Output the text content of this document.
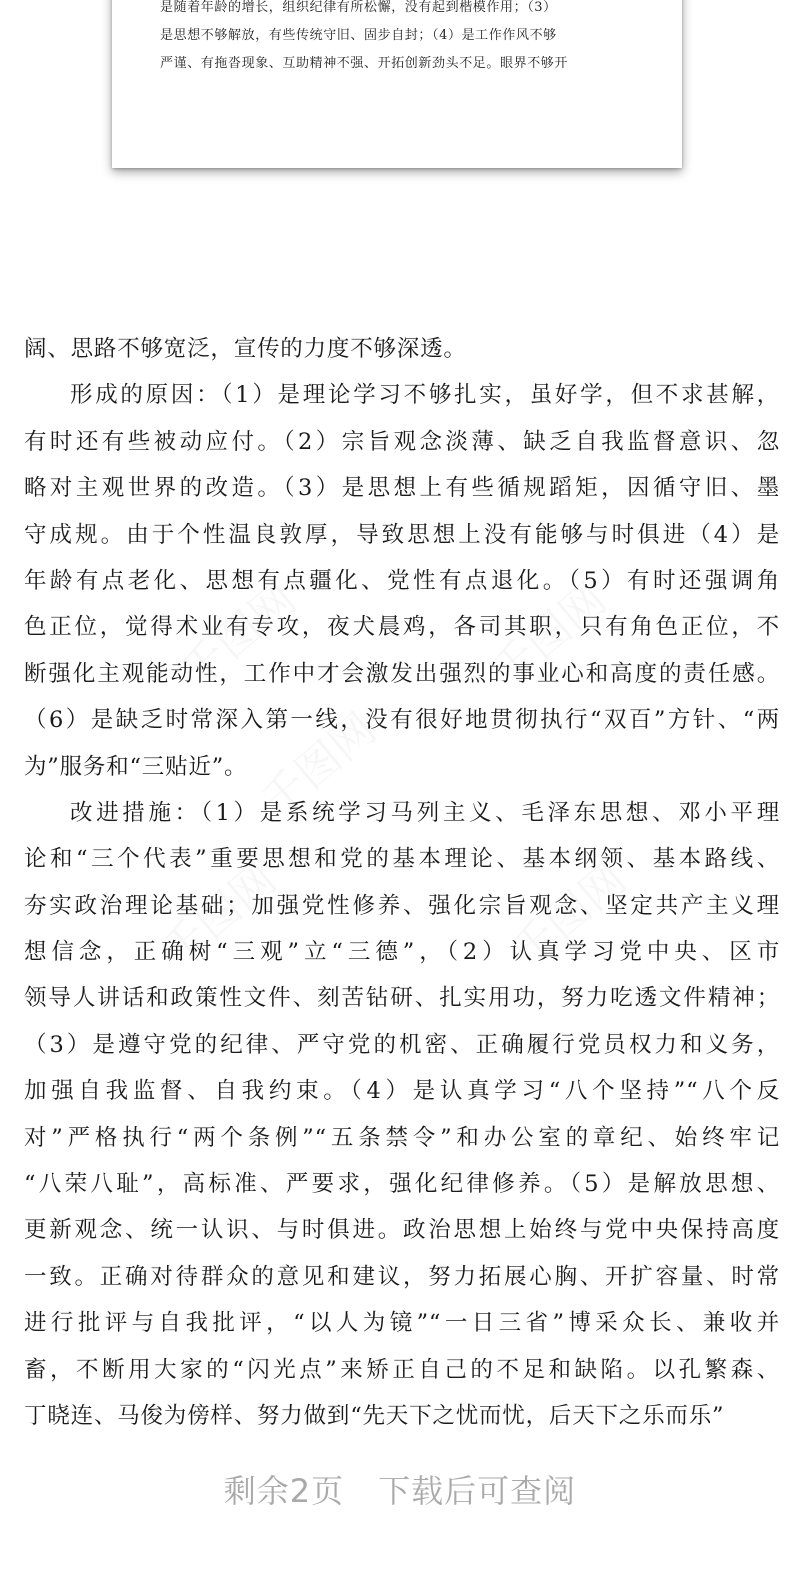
是随着年龄的增长，组织纪律有所松懈，没有起到楷模作用；（3）
是思想不够解放，有些传统守旧、固步自封；（4）是工作作风不够
严谨、有拖沓现象、互助精神不强、开拓创新劲头不足。眼界不够开
阔、思路不够宽泛，宣传的力度不够深透。
形成的原因：（1）是理论学习不够扎实，虽好学，但不求甚解，
有时还有些被动应付。（2）宗旨观念淡薄、缺乏自我监督意识、忽
略对主观世界的改造。（3）是思想上有些循规蹈矩，因循守旧、墨
守成规。由于个性温良敦厚，导致思想上没有能够与时俱进（4）是
年龄有点老化、思想有点疆化、党性有点退化。（5）有时还强调角
色正位，觉得术业有专攻，夜犬晨鸡，各司其职，只有角色正位，不
断强化主观能动性，工作中才会激发出强烈的事业心和高度的责任感。
（6）是缺乏时常深入第一线，没有很好地贯彻执行“双百”方针、“两
为”服务和“三贴近”。
改进措施：（1）是系统学习马列主义、毛泽东思想、邓小平理
论和“三个代表”重要思想和党的基本理论、基本纲领、基本路线、
夯实政治理论基础；加强党性修养、强化宗旨观念、坚定共产主义理
想信念，正确树“三观”立“三德”，（2）认真学习党中央、区市
领导人讲话和政策性文件、刻苦钻研、扎实用功，努力吃透文件精神；
（3）是遵守党的纪律、严守党的机密、正确履行党员权力和义务，
加强自我监督、自我约束。（4）是认真学习“八个坚持”“八个反
对”严格执行“两个条例”“五条禁令”和办公室的章纪、始终牢记
“八荣八耻”，高标准、严要求，强化纪律修养。（5）是解放思想、
更新观念、统一认识、与时俱进。政治思想上始终与党中央保持高度
一致。正确对待群众的意见和建议，努力拓展心胸、开扩容量、时常
进行批评与自我批评，“以人为镜”“一日三省”博采众长、兼收并
畜，不断用大家的“闪光点”来矫正自己的不足和缺陷。以孔繁森、
丁晓连、马俊为傍样、努力做到“先天下之忧而忧，后天下之乐而乐”
剩余2页 下载后可查阅
